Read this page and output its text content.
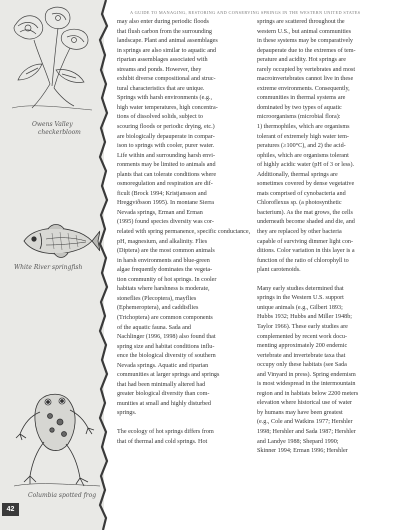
Owens Valley
checkerbloom
White River springfish
Columbia spotted frog
42
A GUIDE TO MANAGING, RESTORING AND CONSERVING SPRINGS IN THE WESTERN UNITED STATES

may also enter during periodic floods
that flush carbon from the surrounding
landscape. Plant and animal assemblages
in springs are also similar to aquatic and
riparian assemblages associated with
streams and ponds. However, they
exhibit diverse compositional and struc-
tural characteristics that are unique.
Springs with harsh environments (e.g.,
high water temperatures, high concentra-
tions of dissolved solids, subject to
scouring floods or periodic drying, etc.)
are biologically depauperate in compar-
ison to springs with cooler, purer water.
Life within and surrounding harsh envi-
ronments may be limited to animals and
plants that can tolerate conditions where
osmoregulation and respiration are dif-
ficult (Brock 1994; Kristjansson and
Hreggviðsson 1995). In montane Sierra
Nevada springs, Erman and Erman
(1995) found species diversity was cor-
related with spring permanence, specific conductance,
pH, magnesium, and alkalinity. Flies
(Diptera) are the most common animals
in harsh environments and blue-green
algae frequently dominates the vegeta-
tion community of hot springs. In cooler
habitats where harshness is moderate,
stoneflies (Plecoptera), mayflies
(Ephemeroptera), and caddisflies
(Trichoptera) are common components
of the aquatic fauna. Sada and
Nachlinger (1996, 1998) also found that
spring size and habitat conditions influ-
ence the biological diversity of southern
Nevada springs. Aquatic and riparian
communities at larger springs and springs
that had been minimally altered had
greater biological diversity than com-
munities at small and highly disturbed
springs.

The ecology of hot springs differs from
that of thermal and cold springs. Hot

springs are scattered throughout the
western U.S., but animal communities
in these systems may be comparatively
depauperate due to the extremes of tem-
perature and acidity. Hot springs are
rarely occupied by vertebrates and most
macroinvertebrates cannot live in these
extreme environments. Consequently,
communities in thermal systems are
dominated by two types of aquatic
microorganisms (microbial flora):
1) thermophiles, which are organisms
tolerant of extremely high water tem-
peratures (≥100°C), and 2) the acid-
ophiles, which are organisms tolerant
of highly acidic water (pH of 3 or less).
Additionally, thermal springs are
sometimes covered by dense vegetative
mats comprised of cynobacteria and
Chloroflexus sp. (a photosynthetic
bacterium). As the mat grows, the cells
underneath become shaded and die, and
they are replaced by other bacteria
capable of surviving dimmer light con-
ditions. Color variation in this layer is a
function of the ratio of chlorophyll to
plant carotenoids.

Many early studies determined that
springs in the Western U.S. support
unique animals (e.g., Gilbert 1893;
Hubbs 1932; Hubbs and Miller 1948b;
Taylor 1966). These early studies are
complemented by recent work docu-
menting approximately 200 endemic
vertebrate and invertebrate taxa that
occupy only these habitats (see Sada
and Vinyard in press). Spring endemism
is most widespread in the intermountain
region and in habitats below 2200 meters
elevation where historical use of water
by humans may have been greatest
(e.g., Cole and Watkins 1977; Hershler
1998; Hershler and Sada 1987; Hershler
and Landye 1988; Shepard 1990;
Skinner 1994; Erman 1996; Hershler
